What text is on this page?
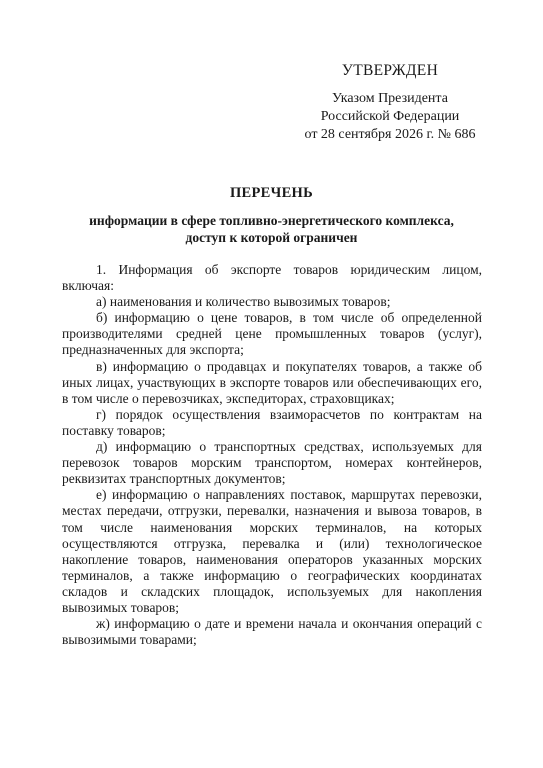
УТВЕРЖДЕН
Указом Президента
Российской Федерации
от 28 сентября 2026 г. № 686
ПЕРЕЧЕНЬ
информации в сфере топливно-энергетического комплекса,
доступ к которой ограничен

1. Информация об экспорте товаров юридическим лицом, включая:

а) наименования и количество вывозимых товаров;

б) информацию о цене товаров, в том числе об определенной производителями средней цене промышленных товаров (услуг), предназначенных для экспорта;

в) информацию о продавцах и покупателях товаров, а также об иных лицах, участвующих в экспорте товаров или обеспечивающих его, в том числе о перевозчиках, экспедиторах, страховщиках;

г) порядок осуществления взаиморасчетов по контрактам на поставку товаров;

д) информацию о транспортных средствах, используемых для перевозок товаров морским транспортом, номерах контейнеров, реквизитах транспортных документов;

е) информацию о направлениях поставок, маршрутах перевозки, местах передачи, отгрузки, перевалки, назначения и вывоза товаров, в том числе наименования морских терминалов, на которых осуществляются отгрузка, перевалка и (или) технологическое накопление товаров, наименования операторов указанных морских терминалов, а также информацию о географических координатах складов и складских площадок, используемых для накопления вывозимых товаров;

ж) информацию о дате и времени начала и окончания операций с вывозимыми товарами;
